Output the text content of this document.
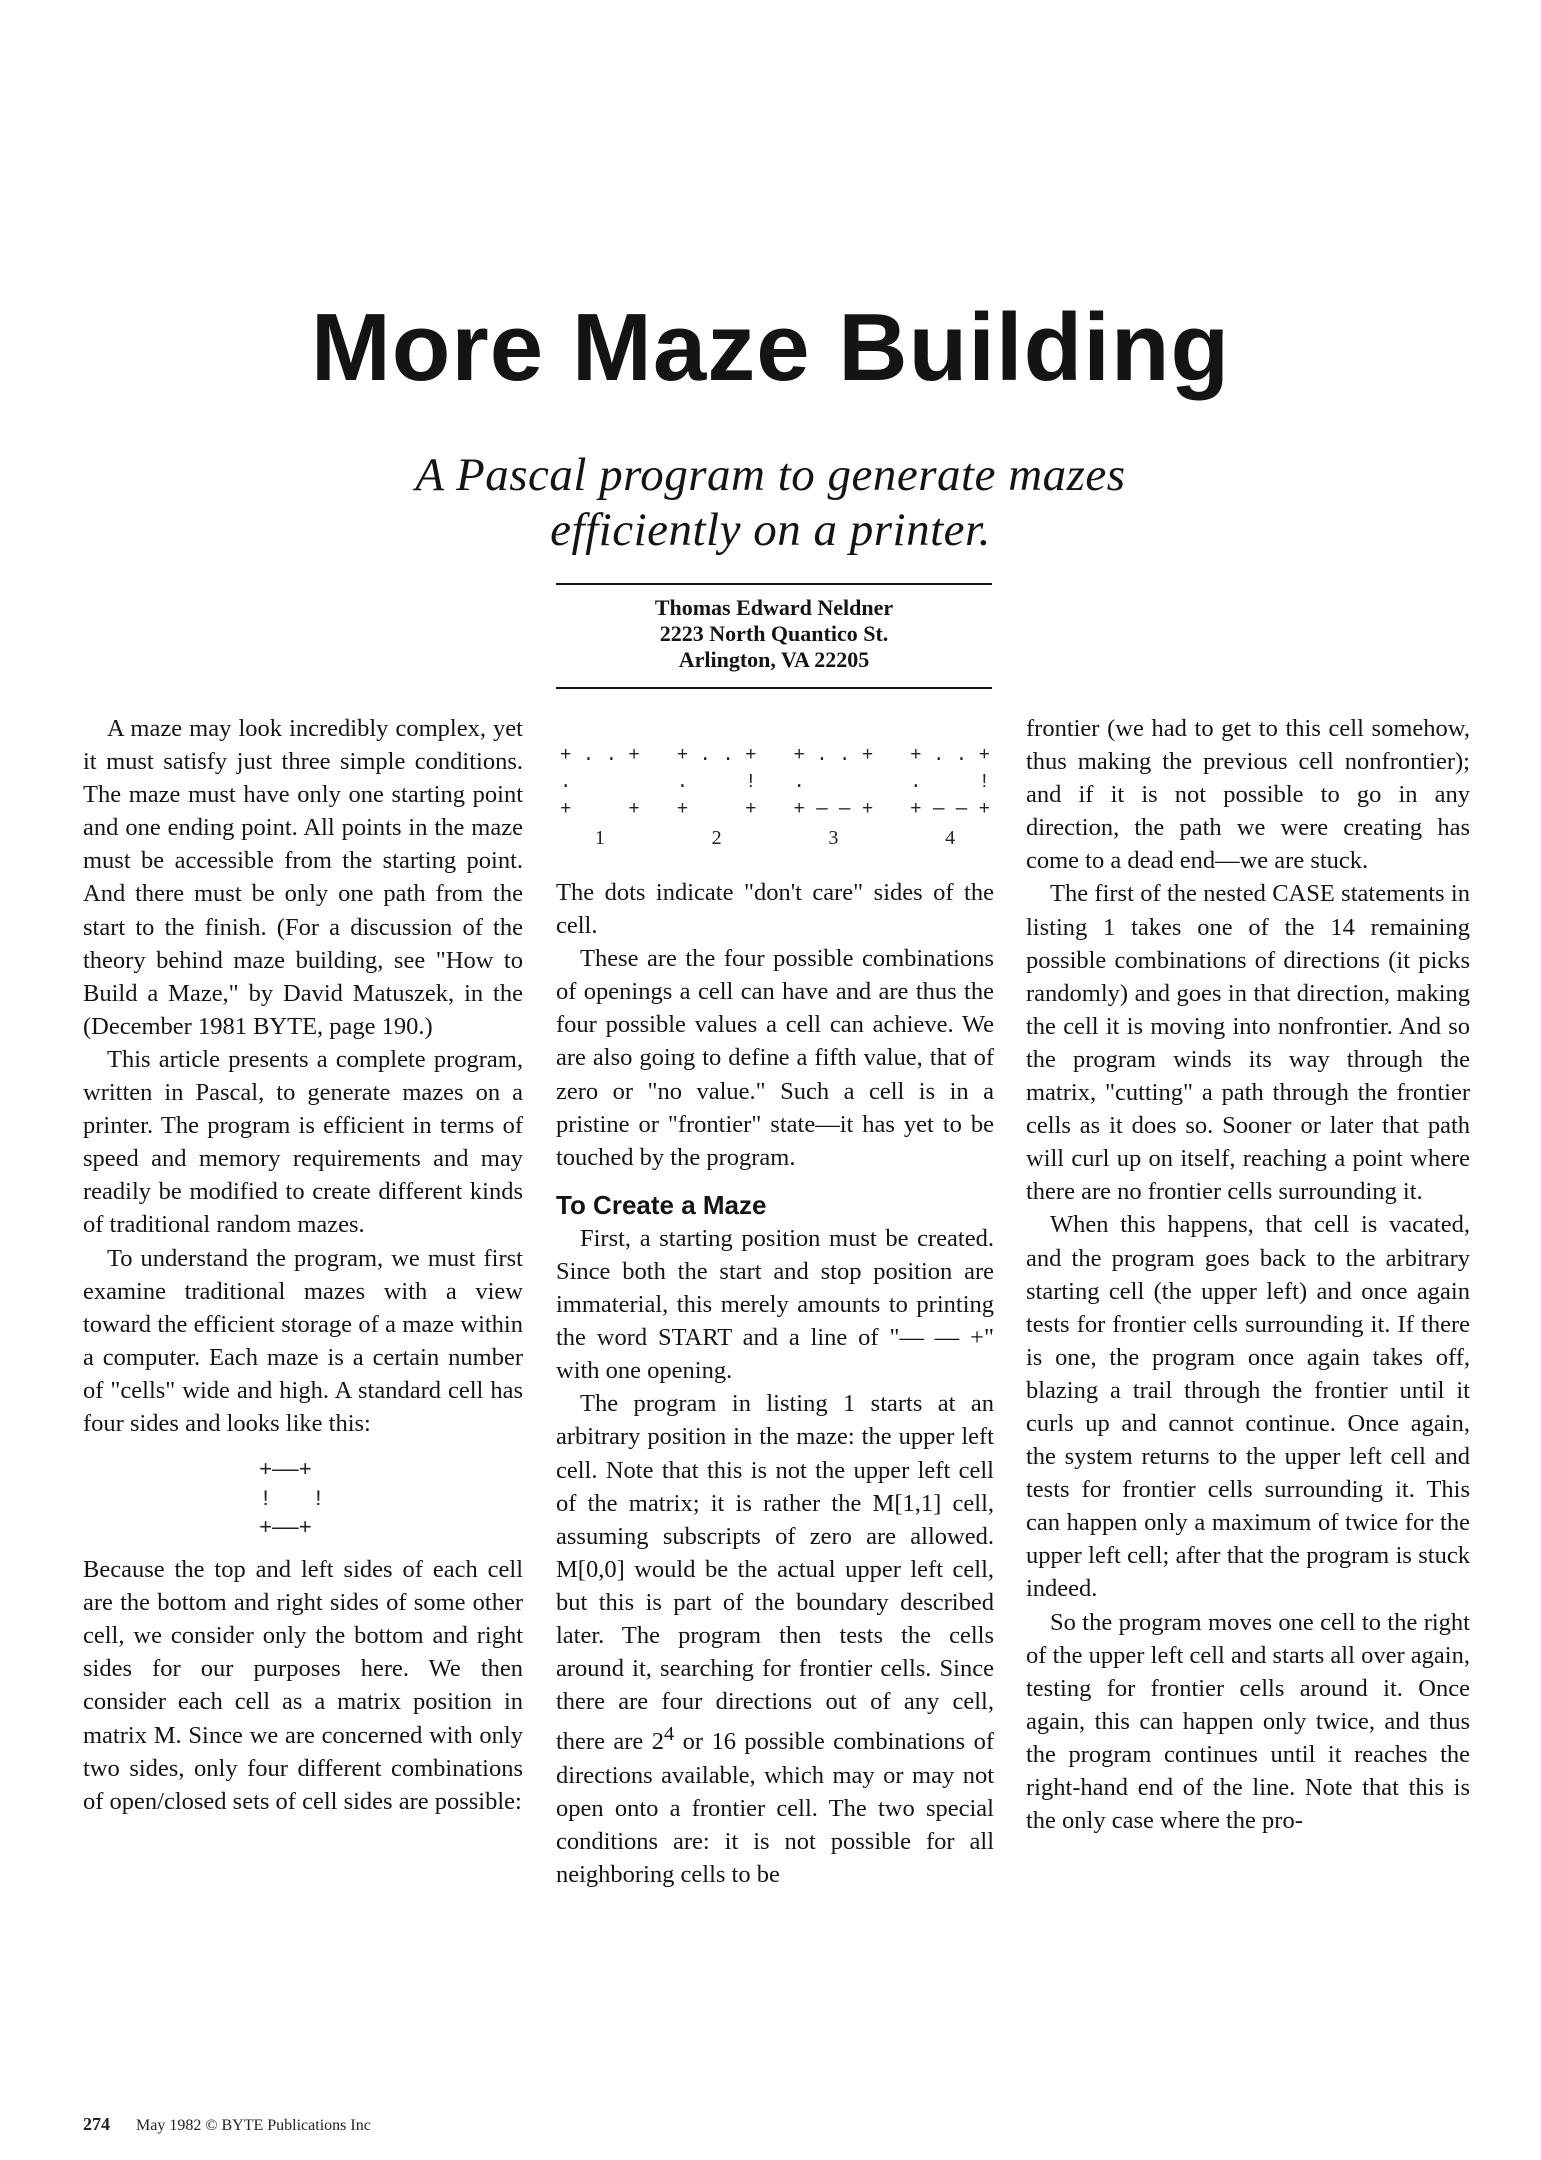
More Maze Building
A Pascal program to generate mazes
efficiently on a printer.
Thomas Edward Neldner
2223 North Quantico St.
Arlington, VA 22205

A maze may look incredibly complex, yet it must satisfy just three simple conditions. The maze must have only one starting point and one ending point. All points in the maze must be accessible from the starting point. And there must be only one path from the start to the finish. (For a discussion of the theory behind maze building, see "How to Build a Maze," by David Matuszek, in the (December 1981 BYTE, page 190.)

This article presents a complete program, written in Pascal, to generate mazes on a printer. The program is efficient in terms of speed and memory requirements and may readily be modified to create different kinds of traditional random mazes.

To understand the program, we must first examine traditional mazes with a view toward the efficient storage of a maze within a computer. Each maze is a certain number of "cells" wide and high. A standard cell has four sides and looks like this:

+——+
!   !
+——+

Because the top and left sides of each cell are the bottom and right sides of some other cell, we consider only the bottom and right sides for our purposes here. We then consider each cell as a matrix position in matrix M. Since we are concerned with only two sides, only four different combinations of open/closed sets of cell sides are possible:

+ . . +
.
+     +
1
+ . . +
.     !
+     +
2
+ . . +
.
+ — — +
3
+ . . +
.     !
+ — — +
4

The dots indicate "don't care" sides of the cell.

These are the four possible combinations of openings a cell can have and are thus the four possible values a cell can achieve. We are also going to define a fifth value, that of zero or "no value." Such a cell is in a pristine or "frontier" state—it has yet to be touched by the program.

To Create a Maze

First, a starting position must be created. Since both the start and stop position are immaterial, this merely amounts to printing the word START and a line of "— — +" with one opening.

The program in listing 1 starts at an arbitrary position in the maze: the upper left cell. Note that this is not the upper left cell of the matrix; it is rather the M[1,1] cell, assuming subscripts of zero are allowed. M[0,0] would be the actual upper left cell, but this is part of the boundary described later. The program then tests the cells around it, searching for frontier cells. Since there are four directions out of any cell, there are $2^4$ or 16 possible combinations of directions available, which may or may not open onto a frontier cell. The two special conditions are: it is not possible for all neighboring cells to be

frontier (we had to get to this cell somehow, thus making the previous cell nonfrontier); and if it is not possible to go in any direction, the path we were creating has come to a dead end—we are stuck.

The first of the nested CASE statements in listing 1 takes one of the 14 remaining possible combinations of directions (it picks randomly) and goes in that direction, making the cell it is moving into nonfrontier. And so the program winds its way through the matrix, "cutting" a path through the frontier cells as it does so. Sooner or later that path will curl up on itself, reaching a point where there are no frontier cells surrounding it.

When this happens, that cell is vacated, and the program goes back to the arbitrary starting cell (the upper left) and once again tests for frontier cells surrounding it. If there is one, the program once again takes off, blazing a trail through the frontier until it curls up and cannot continue. Once again, the system returns to the upper left cell and tests for frontier cells surrounding it. This can happen only a maximum of twice for the upper left cell; after that the program is stuck indeed.

So the program moves one cell to the right of the upper left cell and starts all over again, testing for frontier cells around it. Once again, this can happen only twice, and thus the program continues until it reaches the right-hand end of the line. Note that this is the only case where the pro-

274 May 1982 © BYTE Publications Inc
